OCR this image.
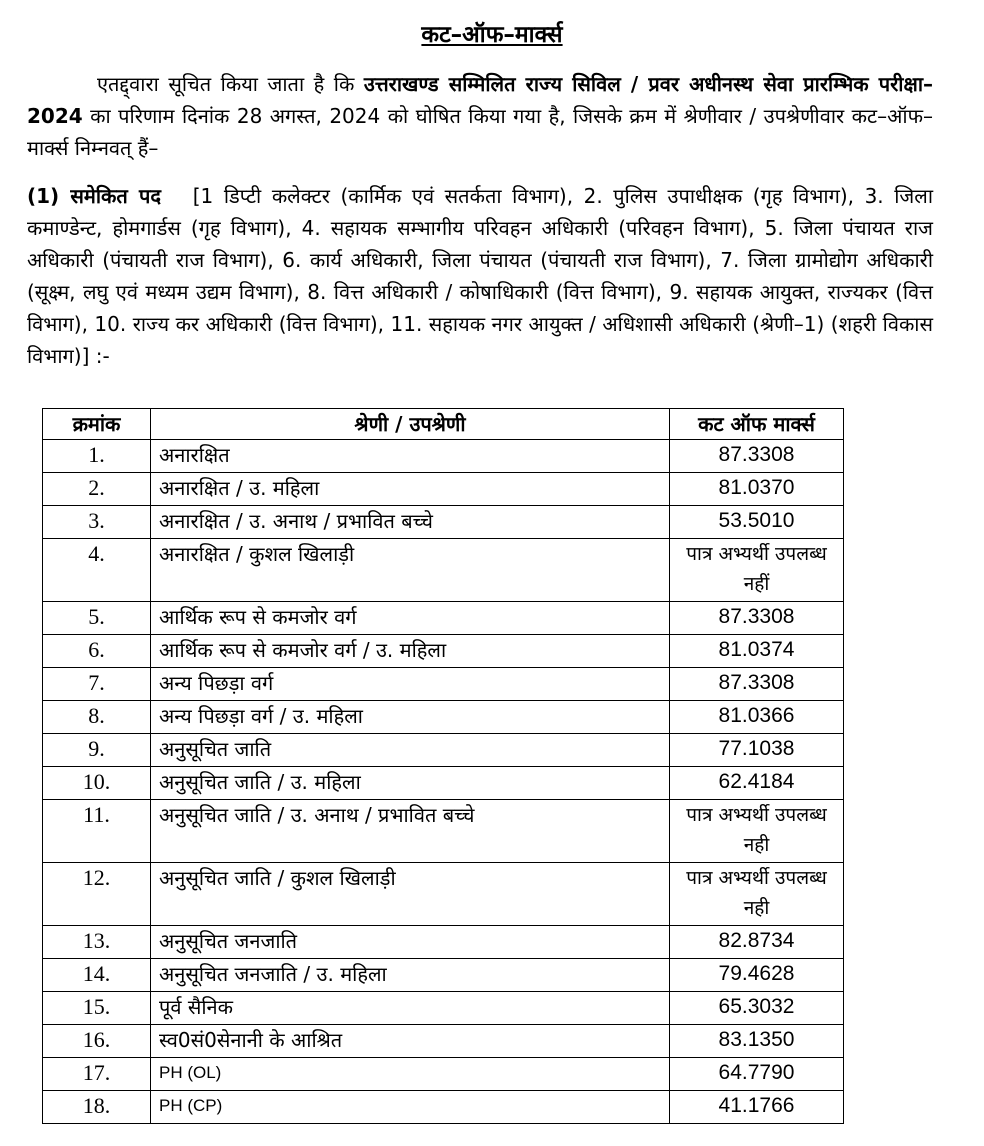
कट–ऑफ–मार्क्स
एतद्द्वारा सूचित किया जाता है कि उत्तराखण्ड सम्मिलित राज्य सिविल / प्रवर अधीनस्थ सेवा प्रारम्भिक परीक्षा–2024 का परिणाम दिनांक 28 अगस्त, 2024 को घोषित किया गया है, जिसके क्रम में श्रेणीवार / उपश्रेणीवार कट–ऑफ–मार्क्स निम्नवत् हैं–
(1) समेकित पद [1 डिप्टी कलेक्टर (कार्मिक एवं सतर्कता विभाग), 2. पुलिस उपाधीक्षक (गृह विभाग), 3. जिला कमाण्डेन्ट, होमगार्डस (गृह विभाग), 4. सहायक सम्भागीय परिवहन अधिकारी (परिवहन विभाग), 5. जिला पंचायत राज अधिकारी (पंचायती राज विभाग), 6. कार्य अधिकारी, जिला पंचायत (पंचायती राज विभाग), 7. जिला ग्रामोद्योग अधिकारी (सूक्ष्म, लघु एवं मध्यम उद्यम विभाग), 8. वित्त अधिकारी / कोषाधिकारी (वित्त विभाग), 9. सहायक आयुक्त, राज्यकर (वित्त विभाग), 10. राज्य कर अधिकारी (वित्त विभाग), 11. सहायक नगर आयुक्त / अधिशासी अधिकारी (श्रेणी–1) (शहरी विकास विभाग)] :-
क्रमांक	श्रेणी / उपश्रेणी	कट ऑफ मार्क्स
1.	अनारक्षित	87.3308
2.	अनारक्षित / उ. महिला	81.0370
3.	अनारक्षित / उ. अनाथ / प्रभावित बच्चे	53.5010
4.	अनारक्षित / कुशल खिलाड़ी	पात्र अभ्यर्थी उपलब्ध नहीं
5.	आर्थिक रूप से कमजोर वर्ग	87.3308
6.	आर्थिक रूप से कमजोर वर्ग / उ. महिला	81.0374
7.	अन्य पिछड़ा वर्ग	87.3308
8.	अन्य पिछड़ा वर्ग / उ. महिला	81.0366
9.	अनुसूचित जाति	77.1038
10.	अनुसूचित जाति / उ. महिला	62.4184
11.	अनुसूचित जाति / उ. अनाथ / प्रभावित बच्चे	पात्र अभ्यर्थी उपलब्ध नही
12.	अनुसूचित जाति / कुशल खिलाड़ी	पात्र अभ्यर्थी उपलब्ध नही
13.	अनुसूचित जनजाति	82.8734
14.	अनुसूचित जनजाति / उ. महिला	79.4628
15.	पूर्व सैनिक	65.3032
16.	स्व0सं0सेनानी के आश्रित	83.1350
17.	PH (OL)	64.7790
18.	PH (CP)	41.1766
